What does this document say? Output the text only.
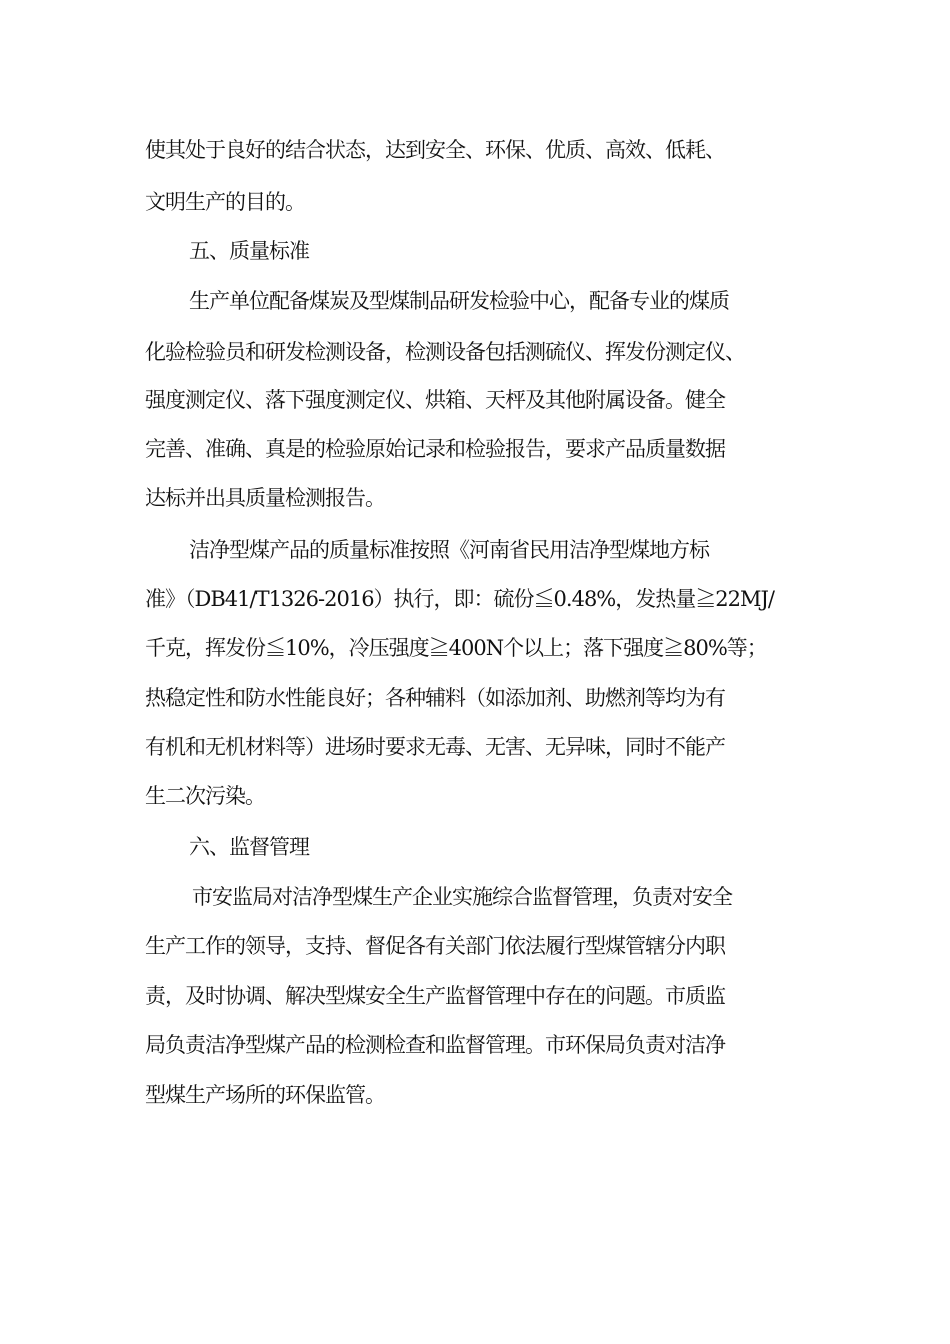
使其处于良好的结合状态，达到安全、环保、优质、高效、低耗、

文明生产的目的。

五、质量标准

生产单位配备煤炭及型煤制品研发检验中心，配备专业的煤质

化验检验员和研发检测设备，检测设备包括测硫仪、挥发份测定仪、

强度测定仪、落下强度测定仪、烘箱、天枰及其他附属设备。健全

完善、准确、真是的检验原始记录和检验报告，要求产品质量数据

达标并出具质量检测报告。

洁净型煤产品的质量标准按照《河南省民用洁净型煤地方标

准》（DB41/T1326-2016）执行，即：硫份≦0.48%，发热量≧22MJ/

千克，挥发份≦10%，冷压强度≧400N个以上；落下强度≧80%等；

热稳定性和防水性能良好；各种辅料（如添加剂、助燃剂等均为有

有机和无机材料等）进场时要求无毒、无害、无异味，同时不能产

生二次污染。

六、监督管理

市安监局对洁净型煤生产企业实施综合监督管理，负责对安全

生产工作的领导，支持、督促各有关部门依法履行型煤管辖分内职

责，及时协调、解决型煤安全生产监督管理中存在的问题。市质监

局负责洁净型煤产品的检测检查和监督管理。市环保局负责对洁净

型煤生产场所的环保监管。
